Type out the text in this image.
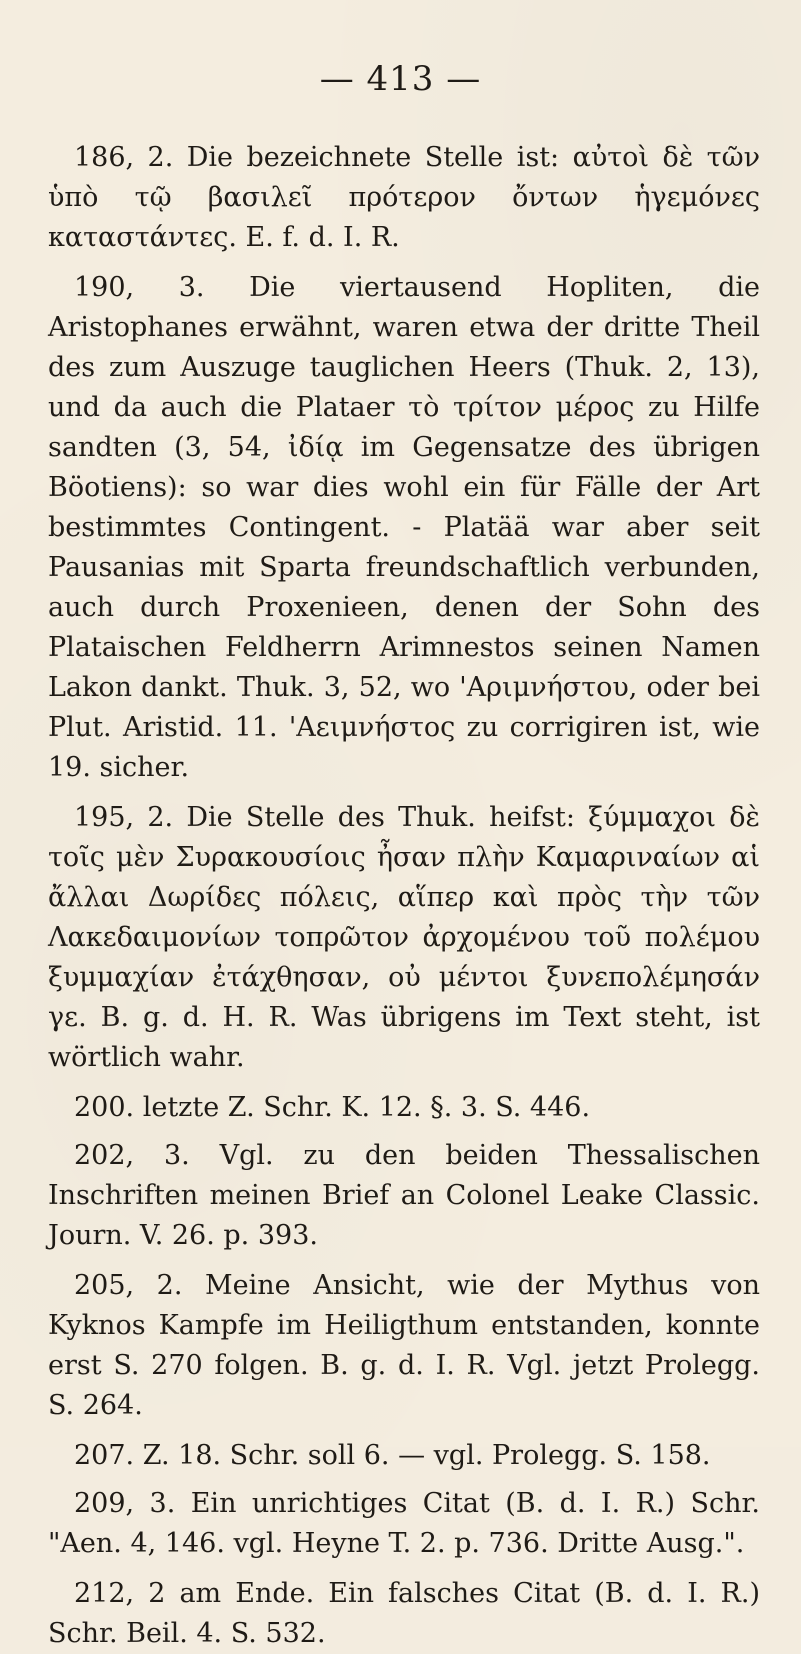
— 413 —

186, 2. Die bezeichnete Stelle ist: αὐτοὶ δὲ τῶν ὑπὸ τῷ βασιλεῖ πρότερον ὄντων ἡγεμόνες καταστάντες. E. f. d. I. R.

190, 3. Die viertausend Hopliten, die Aristophanes erwähnt, waren etwa der dritte Theil des zum Auszuge tauglichen Heers (Thuk. 2, 13), und da auch die Plataer τὸ τρίτον μέρος zu Hilfe sandten (3, 54, ἰδίᾳ im Gegensatze des übrigen Böotiens): so war dies wohl ein für Fälle der Art bestimmtes Contingent. - Platää war aber seit Pausanias mit Sparta freundschaftlich verbunden, auch durch Proxenieen, denen der Sohn des Plataischen Feldherrn Arimnestos seinen Namen Lakon dankt. Thuk. 3, 52, wo 'Αριμνήστου, oder bei Plut. Aristid. 11. 'Αειμνήστος zu corrigiren ist, wie 19. sicher.

195, 2. Die Stelle des Thuk. heifst: ξύμμαχοι δὲ τοῖς μὲν Συρακουσίοις ἦσαν πλὴν Καμαριναίων αἱ ἄλλαι Δωρίδες πόλεις, αἵπερ καὶ πρὸς τὴν τῶν Λακεδαιμονίων τοπρῶτον ἀρχομένου τοῦ πολέμου ξυμμαχίαν ἐτάχθησαν, οὐ μέντοι ξυνεπολέμησάν γε. B. g. d. H. R. Was übrigens im Text steht, ist wörtlich wahr.

200. letzte Z. Schr. K. 12. §. 3. S. 446.

202, 3. Vgl. zu den beiden Thessalischen Inschriften meinen Brief an Colonel Leake Classic. Journ. V. 26. p. 393.

205, 2. Meine Ansicht, wie der Mythus von Kyknos Kampfe im Heiligthum entstanden, konnte erst S. 270 folgen. B. g. d. I. R. Vgl. jetzt Prolegg. S. 264.

207. Z. 18. Schr. soll 6. — vgl. Prolegg. S. 158.

209, 3. Ein unrichtiges Citat (B. d. I. R.) Schr. "Aen. 4, 146. vgl. Heyne T. 2. p. 736. Dritte Ausg.".

212, 2 am Ende. Ein falsches Citat (B. d. I. R.) Schr. Beil. 4. S. 532.
